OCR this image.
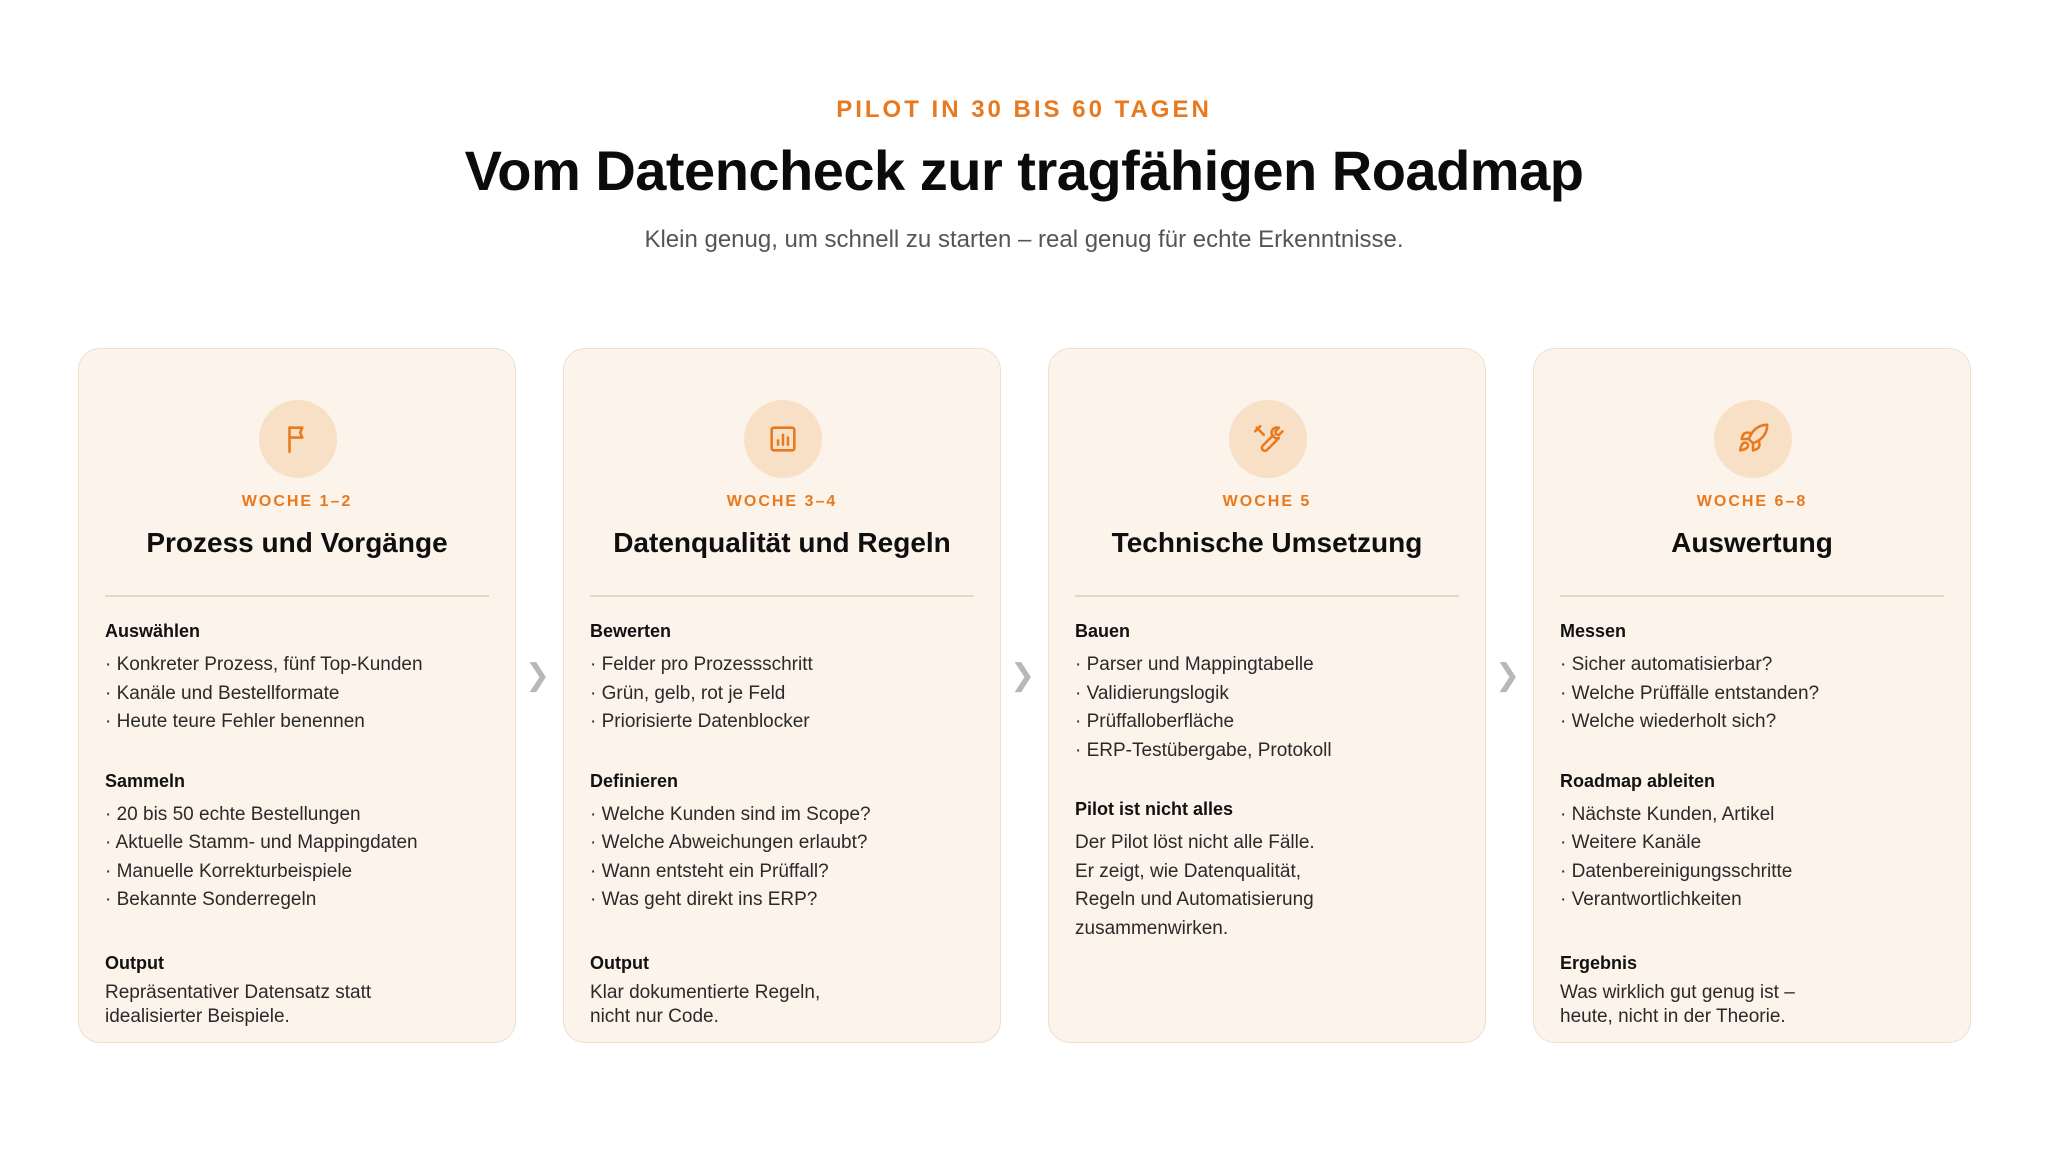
PILOT IN 30 BIS 60 TAGEN
Vom Datencheck zur tragfähigen Roadmap

Klein genug, um schnell zu starten – real genug für echte Erkenntnisse.

WOCHE 1–2
Prozess und Vorgänge
Auswählen
· Konkreter Prozess, fünf Top-Kunden
· Kanäle und Bestellformate
· Heute teure Fehler benennen
Sammeln
· 20 bis 50 echte Bestellungen
· Aktuelle Stamm- und Mappingdaten
· Manuelle Korrekturbeispiele
· Bekannte Sonderregeln
Output
Repräsentativer Datensatz statt
idealisierter Beispiele.
❯
WOCHE 3–4
Datenqualität und Regeln
Bewerten
· Felder pro Prozessschritt
· Grün, gelb, rot je Feld
· Priorisierte Datenblocker
Definieren
· Welche Kunden sind im Scope?
· Welche Abweichungen erlaubt?
· Wann entsteht ein Prüffall?
· Was geht direkt ins ERP?
Output
Klar dokumentierte Regeln,
nicht nur Code.
❯
WOCHE 5
Technische Umsetzung
Bauen
· Parser und Mappingtabelle
· Validierungslogik
· Prüffalloberfläche
· ERP-Testübergabe, Protokoll
Pilot ist nicht alles
Der Pilot löst nicht alle Fälle.
Er zeigt, wie Datenqualität,
Regeln und Automatisierung
zusammenwirken.
❯
WOCHE 6–8
Auswertung
Messen
· Sicher automatisierbar?
· Welche Prüffälle entstanden?
· Welche wiederholt sich?
Roadmap ableiten
· Nächste Kunden, Artikel
· Weitere Kanäle
· Datenbereinigungsschritte
· Verantwortlichkeiten
Ergebnis
Was wirklich gut genug ist –
heute, nicht in der Theorie.
